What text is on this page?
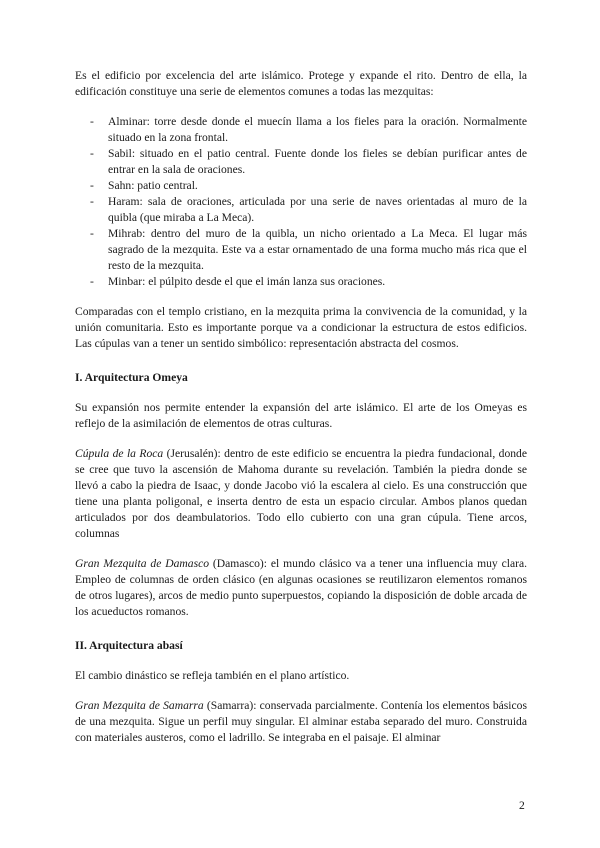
Es el edificio por excelencia del arte islámico. Protege y expande el rito. Dentro de ella, la edificación constituye una serie de elementos comunes a todas las mezquitas:

- Alminar: torre desde donde el muecín llama a los fieles para la oración. Normalmente situado en la zona frontal.
- Sabil: situado en el patio central. Fuente donde los fieles se debían purificar antes de entrar en la sala de oraciones.
- Sahn: patio central.
- Haram: sala de oraciones, articulada por una serie de naves orientadas al muro de la quibla (que miraba a La Meca).
- Mihrab: dentro del muro de la quibla, un nicho orientado a La Meca. El lugar más sagrado de la mezquita. Este va a estar ornamentado de una forma mucho más rica que el resto de la mezquita.
- Minbar: el púlpito desde el que el imán lanza sus oraciones.

Comparadas con el templo cristiano, en la mezquita prima la convivencia de la comunidad, y la unión comunitaria. Esto es importante porque va a condicionar la estructura de estos edificios. Las cúpulas van a tener un sentido simbólico: representación abstracta del cosmos.

I. Arquitectura Omeya

Su expansión nos permite entender la expansión del arte islámico. El arte de los Omeyas es reflejo de la asimilación de elementos de otras culturas.

Cúpula de la Roca (Jerusalén): dentro de este edificio se encuentra la piedra fundacional, donde se cree que tuvo la ascensión de Mahoma durante su revelación. También la piedra donde se llevó a cabo la piedra de Isaac, y donde Jacobo vió la escalera al cielo. Es una construcción que tiene una planta poligonal, e inserta dentro de esta un espacio circular. Ambos planos quedan articulados por dos deambulatorios. Todo ello cubierto con una gran cúpula. Tiene arcos, columnas

Gran Mezquita de Damasco (Damasco): el mundo clásico va a tener una influencia muy clara. Empleo de columnas de orden clásico (en algunas ocasiones se reutilizaron elementos romanos de otros lugares), arcos de medio punto superpuestos, copiando la disposición de doble arcada de los acueductos romanos.

II. Arquitectura abasí

El cambio dinástico se refleja también en el plano artístico.

Gran Mezquita de Samarra (Samarra): conservada parcialmente. Contenía los elementos básicos de una mezquita. Sigue un perfil muy singular. El alminar estaba separado del muro. Construida con materiales austeros, como el ladrillo. Se integraba en el paisaje. El alminar

2
